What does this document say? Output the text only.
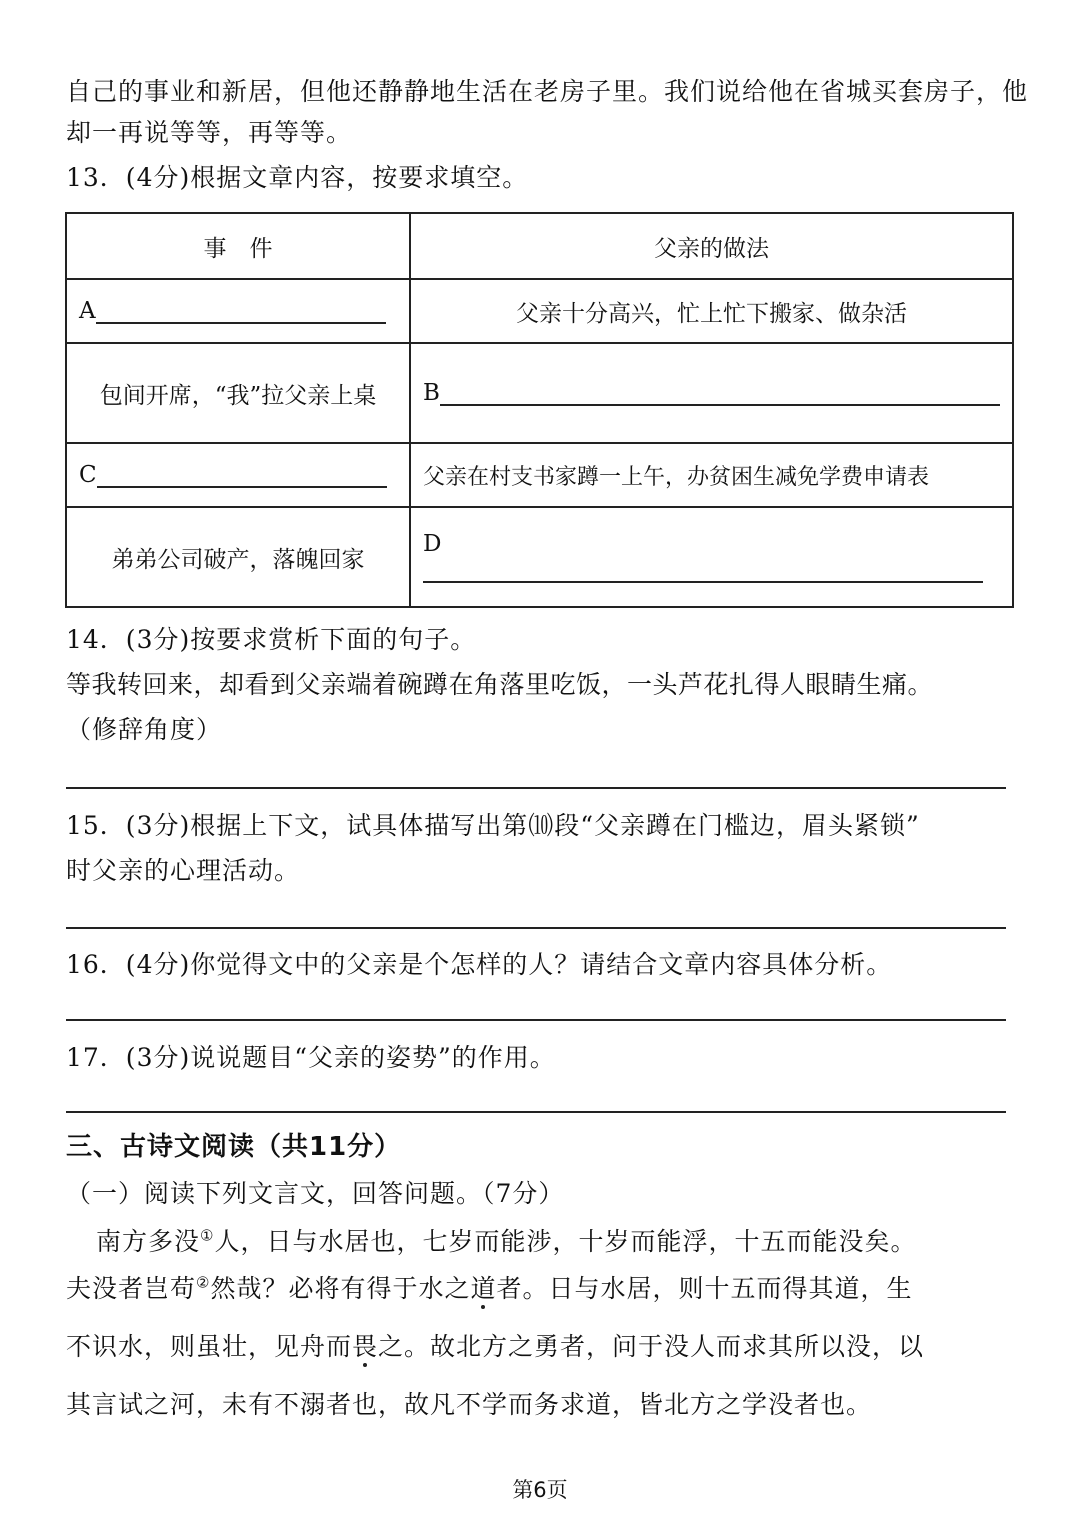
自己的事业和新居，但他还静静地生活在老房子里。我们说给他在省城买套房子，他
却一再说等等，再等等。
13．(4分)根据文章内容，按要求填空。
事　件	父亲的做法
A	父亲十分高兴，忙上忙下搬家、做杂活
包间开席，“我”拉父亲上桌	B
C	父亲在村支书家蹲一上午，办贫困生减免学费申请表
弟弟公司破产，落魄回家	D
14．(3分)按要求赏析下面的句子。
等我转回来，却看到父亲端着碗蹲在角落里吃饭，一头芦花扎得人眼睛生痛。
（修辞角度）
15．(3分)根据上下文，试具体描写出第⑽段“父亲蹲在门槛边，眉头紧锁”
时父亲的心理活动。
16．(4分)你觉得文中的父亲是个怎样的人？请结合文章内容具体分析。
17．(3分)说说题目“父亲的姿势”的作用。
三、古诗文阅读（共11分）
（一）阅读下列文言文，回答问题。（7分）
南方多没①人，日与水居也，七岁而能涉，十岁而能浮，十五而能没矣。
夫没者岂苟②然哉？必将有得于水之道者。日与水居，则十五而得其道，生
不识水，则虽壮，见舟而畏之。故北方之勇者，问于没人而求其所以没，以
其言试之河，未有不溺者也，故凡不学而务求道，皆北方之学没者也。
第6页
